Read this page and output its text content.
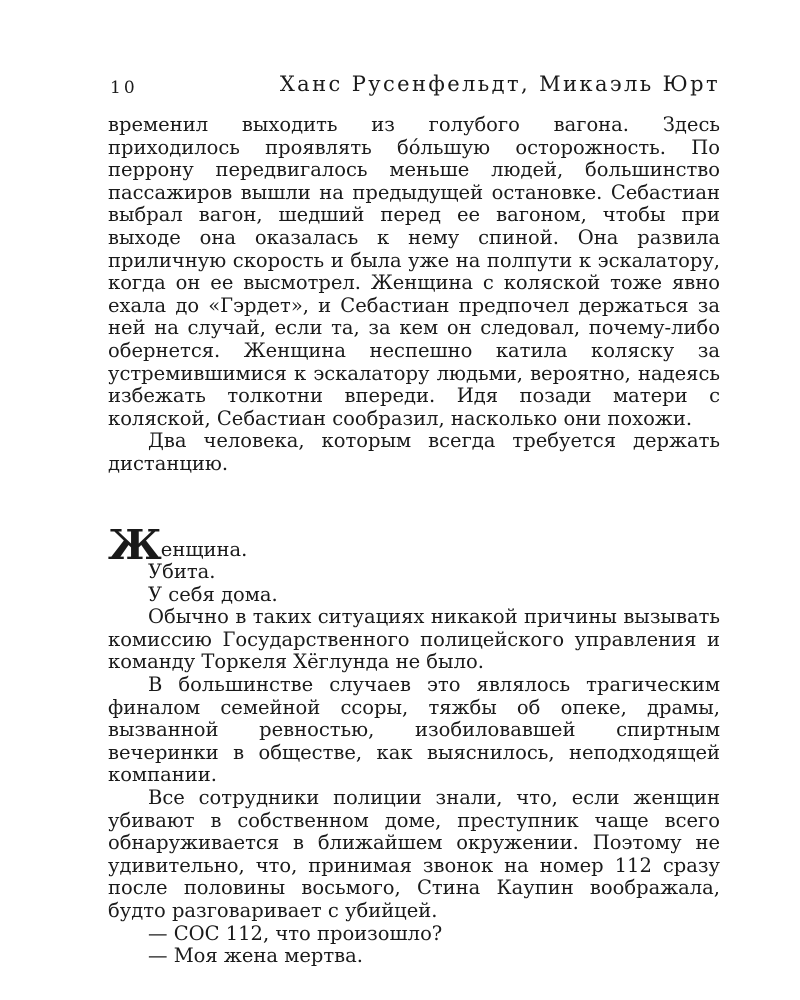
10	Ханс Русенфельдт, Микаэль Юрт

временил выходить из голубого вагона. Здесь приходилось проявлять бóльшую осторожность. По перрону передвигалось меньше людей, большинство пассажиров вышли на предыдущей остановке. Себастиан выбрал вагон, шедший перед ее вагоном, чтобы при выходе она оказалась к нему спиной. Она развила приличную скорость и была уже на полпути к эскалатору, когда он ее высмотрел. Женщина с коляской тоже явно ехала до «Гэрдет», и Себастиан предпочел держаться за ней на случай, если та, за кем он следовал, почему-либо обернется. Женщина неспешно катила коляску за устремившимися к эскалатору людьми, вероятно, надеясь избежать толкотни впереди. Идя позади матери с коляской, Себастиан сообразил, насколько они похожи.

Два человека, которым всегда требуется держать дистанцию.

Женщина.

Убита.

У себя дома.

Обычно в таких ситуациях никакой причины вызывать комиссию Государственного полицейского управления и команду Торкеля Хёглунда не было.

В большинстве случаев это являлось трагическим финалом семейной ссоры, тяжбы об опеке, драмы, вызванной ревностью, изобиловавшей спиртным вечеринки в обществе, как выяснилось, неподходящей компании.

Все сотрудники полиции знали, что, если женщин убивают в собственном доме, преступник чаще всего обнаруживается в ближайшем окружении. Поэтому не удивительно, что, принимая звонок на номер 112 сразу после половины восьмого, Стина Каупин воображала, будто разговаривает с убийцей.

— СОС 112, что произошло?

— Моя жена мертва.
